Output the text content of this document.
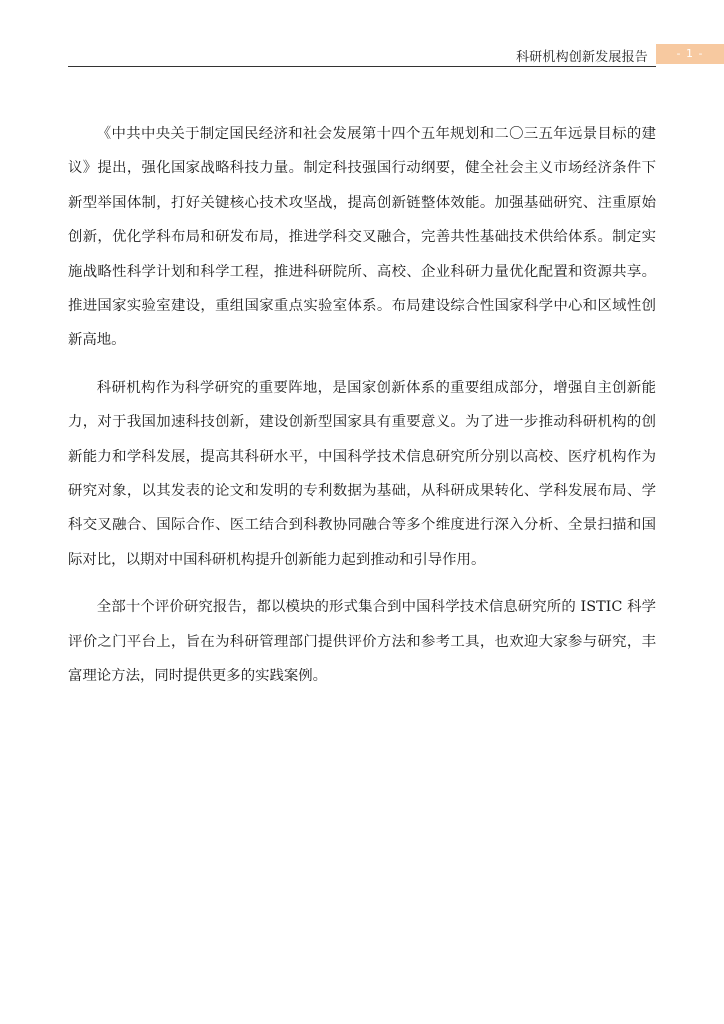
科研机构创新发展报告	- 1 -

《中共中央关于制定国民经济和社会发展第十四个五年规划和二〇三五年远景目标的建议》提出，强化国家战略科技力量。制定科技强国行动纲要，健全社会主义市场经济条件下新型举国体制，打好关键核心技术攻坚战，提高创新链整体效能。加强基础研究、注重原始创新，优化学科布局和研发布局，推进学科交叉融合，完善共性基础技术供给体系。制定实施战略性科学计划和科学工程，推进科研院所、高校、企业科研力量优化配置和资源共享。推进国家实验室建设，重组国家重点实验室体系。布局建设综合性国家科学中心和区域性创新高地。

科研机构作为科学研究的重要阵地，是国家创新体系的重要组成部分，增强自主创新能力，对于我国加速科技创新，建设创新型国家具有重要意义。为了进一步推动科研机构的创新能力和学科发展，提高其科研水平，中国科学技术信息研究所分别以高校、医疗机构作为研究对象，以其发表的论文和发明的专利数据为基础，从科研成果转化、学科发展布局、学科交叉融合、国际合作、医工结合到科教协同融合等多个维度进行深入分析、全景扫描和国际对比，以期对中国科研机构提升创新能力起到推动和引导作用。

全部十个评价研究报告，都以模块的形式集合到中国科学技术信息研究所的 ISTIC 科学评价之门平台上，旨在为科研管理部门提供评价方法和参考工具，也欢迎大家参与研究，丰富理论方法，同时提供更多的实践案例。
